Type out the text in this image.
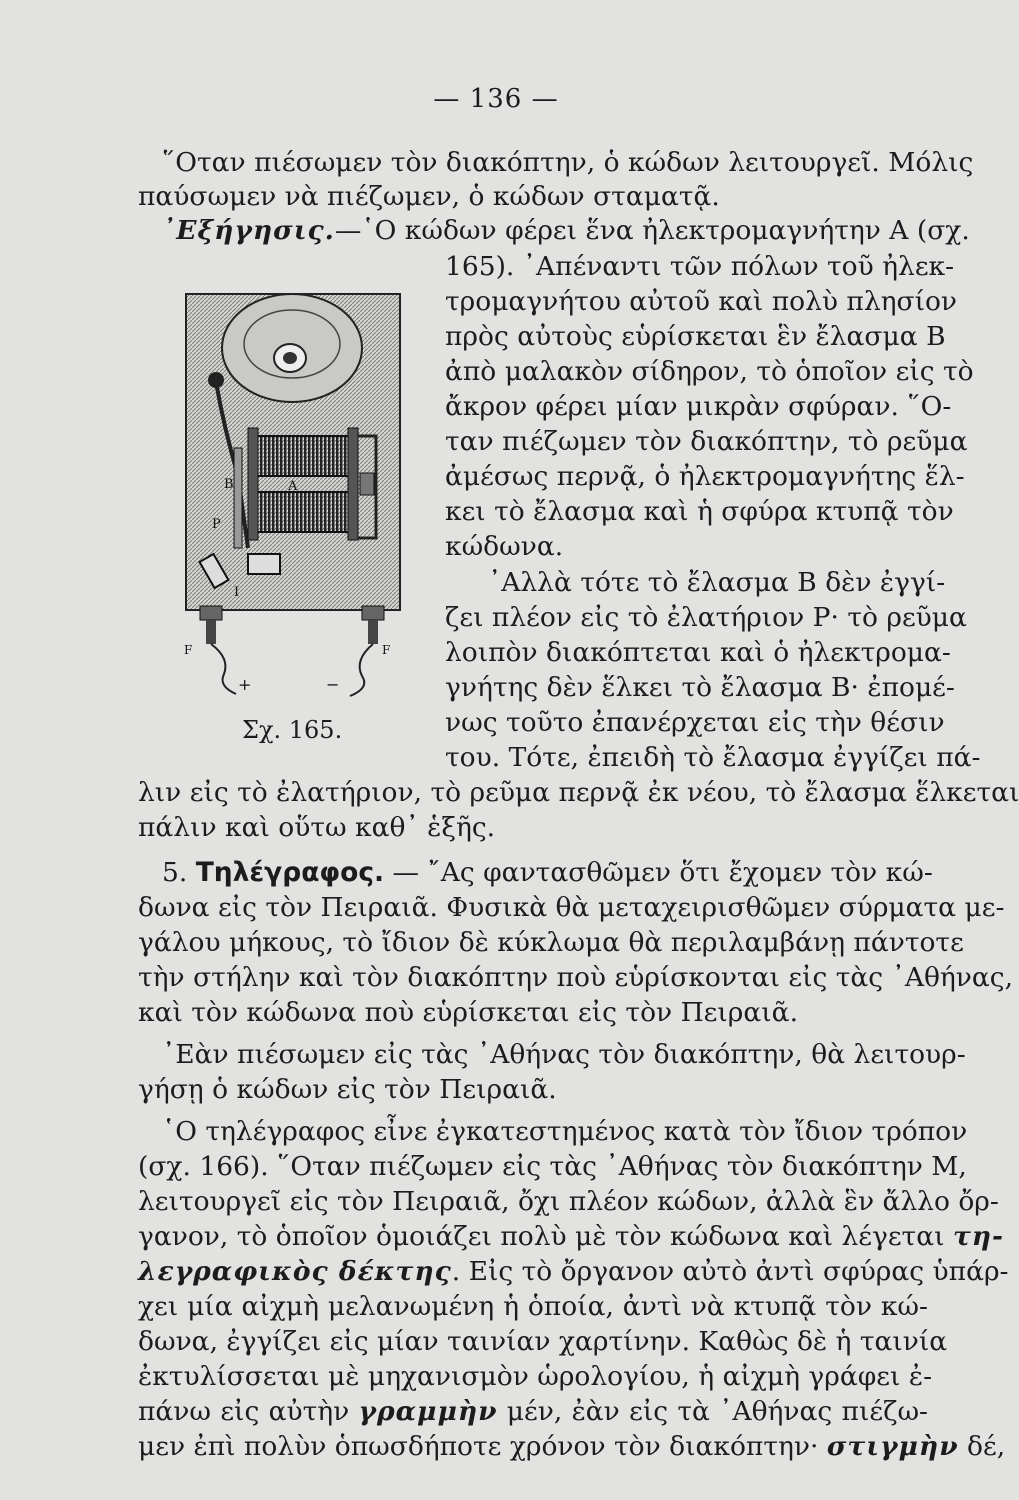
— 136 —
῞Οταν πιέσωμεν τὸν διακόπτην, ὁ κώδων λειτουργεῖ. Μόλις
παύσωμεν νὰ πιέζωμεν, ὁ κώδων σταματᾷ.
᾿Εξήγησις.—῾Ο κώδων φέρει ἕνα ἠλεκτρομαγνήτην Α (σχ.
165). ᾿Απέναντι τῶν πόλων τοῦ ἠλεκ-
τρομαγνήτου αὐτοῦ καὶ πολὺ πλησίον
πρὸς αὐτοὺς εὑρίσκεται ἓν ἔλασμα Β
ἀπὸ μαλακὸν σίδηρον, τὸ ὁποῖον εἰς τὸ
ἄκρον φέρει μίαν μικρὰν σφύραν. ῞Ο-
ταν πιέζωμεν τὸν διακόπτην, τὸ ρεῦμα
ἀμέσως περνᾷ, ὁ ἠλεκτρομαγνήτης ἕλ-
κει τὸ ἔλασμα καὶ ἡ σφύρα κτυπᾷ τὸν
κώδωνα.
᾿Αλλὰ τότε τὸ ἔλασμα Β δὲν ἐγγί-
ζει πλέον εἰς τὸ ἐλατήριον Ρ· τὸ ρεῦμα
λοιπὸν διακόπτεται καὶ ὁ ἠλεκτρομα-
γνήτης δὲν ἕλκει τὸ ἔλασμα Β· ἐπομέ-
νως τοῦτο ἐπανέρχεται εἰς τὴν θέσιν
του. Τότε, ἐπειδὴ τὸ ἔλασμα ἐγγίζει πά-
A
B
P
I
F	F
+	−
Σχ. 165.
λιν εἰς τὸ ἐλατήριον, τὸ ρεῦμα περνᾷ ἐκ νέου, τὸ ἔλασμα ἕλκεται
πάλιν καὶ οὕτω καθ᾿ ἑξῆς.
5. Τηλέγραφος. — ῎Ας φαντασθῶμεν ὅτι ἔχομεν τὸν κώ-
δωνα εἰς τὸν Πειραιᾶ. Φυσικὰ θὰ μεταχειρισθῶμεν σύρματα με-
γάλου μήκους, τὸ ἴδιον δὲ κύκλωμα θὰ περιλαμβάνῃ πάντοτε
τὴν στήλην καὶ τὸν διακόπτην ποὺ εὑρίσκονται εἰς τὰς ᾿Αθήνας,
καὶ τὸν κώδωνα ποὺ εὑρίσκεται εἰς τὸν Πειραιᾶ.
᾿Εὰν πιέσωμεν εἰς τὰς ᾿Αθήνας τὸν διακόπτην, θὰ λειτουρ-
γήσῃ ὁ κώδων εἰς τὸν Πειραιᾶ.
῾Ο τηλέγραφος εἶνε ἐγκατεστημένος κατὰ τὸν ἴδιον τρόπον
(σχ. 166). ῞Οταν πιέζωμεν εἰς τὰς ᾿Αθήνας τὸν διακόπτην Μ,
λειτουργεῖ εἰς τὸν Πειραιᾶ, ὄχι πλέον κώδων, ἀλλὰ ἓν ἄλλο ὄρ-
γανον, τὸ ὁποῖον ὁμοιάζει πολὺ μὲ τὸν κώδωνα καὶ λέγεται τη-
λεγραφικὸς δέκτης. Εἰς τὸ ὄργανον αὐτὸ ἀντὶ σφύρας ὑπάρ-
χει μία αἰχμὴ μελανωμένη ἡ ὁποία, ἀντὶ νὰ κτυπᾷ τὸν κώ-
δωνα, ἐγγίζει εἰς μίαν ταινίαν χαρτίνην. Καθὼς δὲ ἡ ταινία
ἐκτυλίσσεται μὲ μηχανισμὸν ὡρολογίου, ἡ αἰχμὴ γράφει ἐ-
πάνω εἰς αὐτὴν γραμμὴν μέν, ἐὰν εἰς τὰ ᾿Αθήνας πιέζω-
μεν ἐπὶ πολὺν ὁπωσδήποτε χρόνον τὸν διακόπτην· στιγμὴν δέ,
